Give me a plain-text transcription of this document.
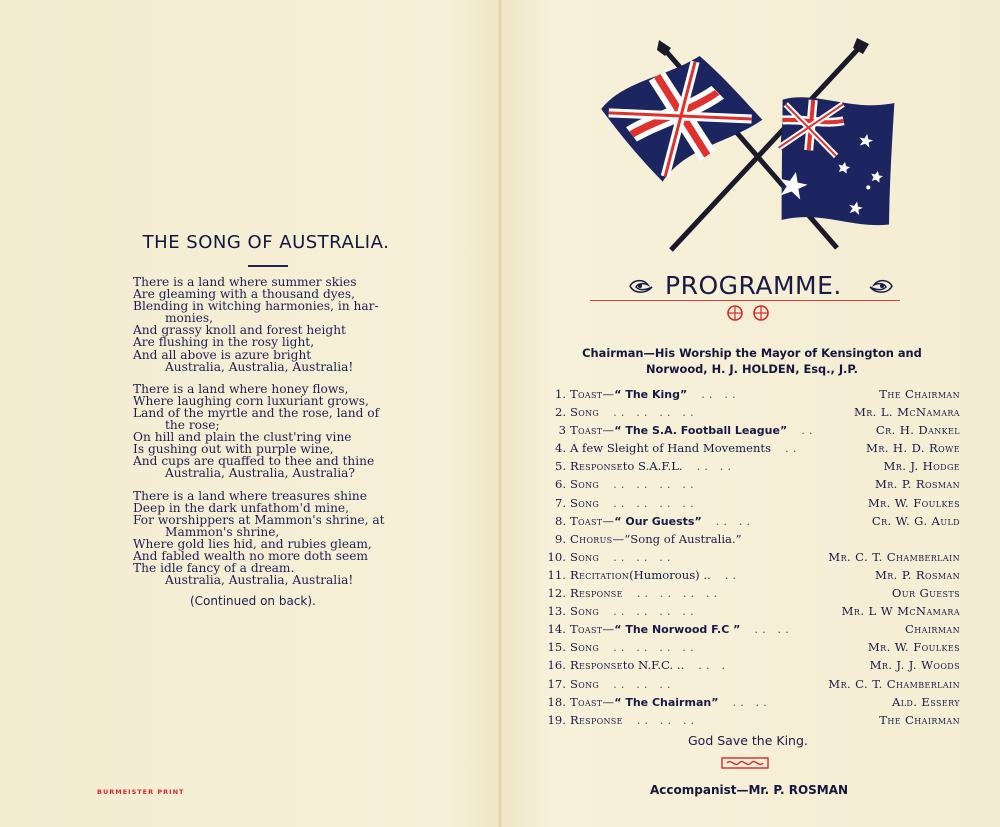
THE SONG OF AUSTRALIA.
There is a land where summer skies
Are gleaming with a thousand dyes,
Blending in witching harmonies, in har-
monies,
And grassy knoll and forest height
Are flushing in the rosy light,
And all above is azure bright
Australia, Australia, Australia!
There is a land where honey flows,
Where laughing corn luxuriant grows,
Land of the myrtle and the rose, land of
the rose;
On hill and plain the clust'ring vine
Is gushing out with purple wine,
And cups are quaffed to thee and thine
Australia, Australia, Australia?
There is a land where treasures shine
Deep in the dark unfathom'd mine,
For worshippers at Mammon's shrine, at
Mammon's shrine,
Where gold lies hid, and rubies gleam,
And fabled wealth no more doth seem
The idle fancy of a dream.
Australia, Australia, Australia!
(Continued on back).
BURMEISTER PRINT
PROGRAMME.
Chairman—His Worship the Mayor of Kensington and
Norwood, H. J. HOLDEN, Esq., J.P.
1. Toast—“ The King” .. ..	The Chairman
2. Song .. .. .. ..	Mr. L. McNamara
3 Toast—“ The S.A. Football League” ..	Cr. H. Dankel
4. A few Sleight of Hand Movements ..	Mr. H. D. Rowe
5. Responseto S.A.F.L. .. ..	Mr. J. Hodge
6. Song .. .. .. ..	Mr. P. Rosman
7. Song .. .. .. ..	Mr. W. Foulkes
8. Toast—“ Our Guests” .. ..	Cr. W. G. Auld
9. Chorus—“Song of Australia.”
10. Song .. .. ..	Mr. C. T. Chamberlain
11. Recitation(Humorous) .. ..	Mr. P. Rosman
12. Response .. .. .. ..	Our Guests
13. Song .. .. .. ..	Mr. L W McNamara
14. Toast—“ The Norwood F.C ” .. ..	Chairman
15. Song .. .. .. ..	Mr. W. Foulkes
16. Responseto N.F.C. .. .. .	Mr. J. J. Woods
17. Song .. .. ..	Mr. C. T. Chamberlain
18. Toast—“ The Chairman” .. ..	Ald. Essery
19. Response .. .. ..	The Chairman
God Save the King.
Accompanist—Mr. P. ROSMAN
